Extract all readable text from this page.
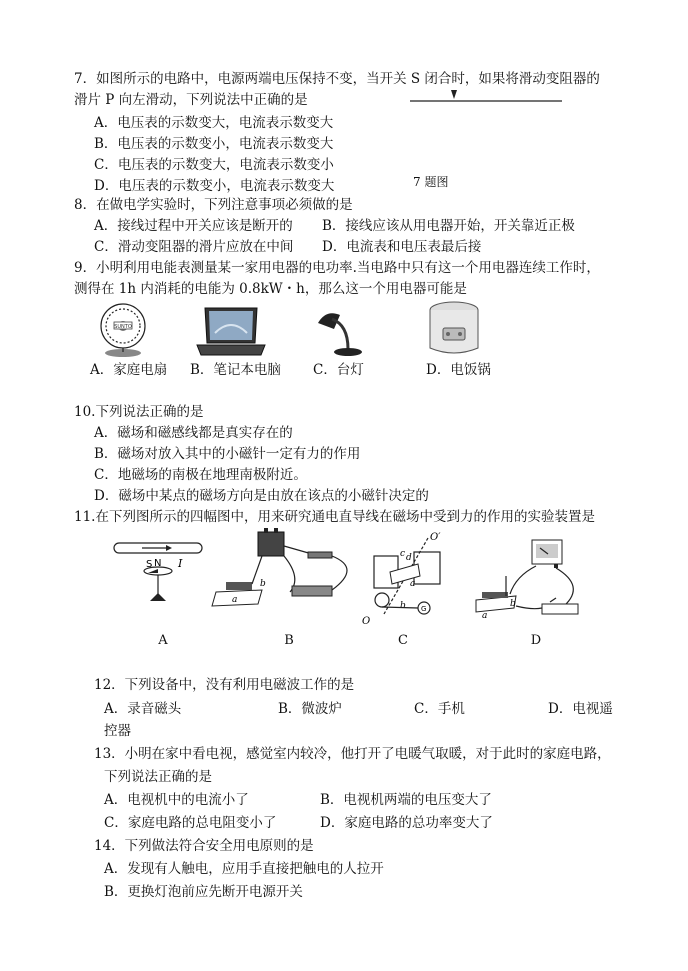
7．如图所示的电路中，电源两端电压保持不变，当开关 S 闭合时，如果将滑动变阻器的
滑片 P 向左滑动，下列说法中正确的是
A．电压表的示数变大，电流表示数变大
B．电压表的示数变小，电流表示数变大
C．电压表的示数变大，电流表示数变小
D．电压表的示数变小，电流表示数变大	7 题图
8．在做电学实验时，下列注意事项必须做的是
A．接线过程中开关应该是断开的 B．接线应该从用电器开始，开关靠近正极
C．滑动变阻器的滑片应放在中间 D．电流表和电压表最后接
9．小明利用电能表测量某一家用电器的电功率.当电路中只有这一个用电器连续工作时，
测得在 1h 内消耗的电能为 0.8kW・h，那么这一个用电器可能是
SUNTO
A．家庭电扇 B．笔记本电脑 C．台灯	D．电饭锅
10.下列说法正确的是
A．磁场和磁感线都是真实存在的
B．磁场对放入其中的小磁针一定有力的作用
C．地磁场的南极在地理南极附近。
D．磁场中某点的磁场方向是由放在该点的小磁针决定的
11.在下列图所示的四幅图中，用来研究通电直导线在磁场中受到力的作用的实验装置是
N
S I
b
a
O′
c d
a
b G
O
b
a
A	B	C	D
12．下列设备中，没有利用电磁波工作的是
A．录音磁头	B．微波炉	C．手机	D．电视遥
控器
13．小明在家中看电视，感觉室内较冷，他打开了电暖气取暖，对于此时的家庭电路，
下列说法正确的是
A．电视机中的电流小了	B．电视机两端的电压变大了
C．家庭电路的总电阻变小了	D．家庭电路的总功率变大了
14．下列做法符合安全用电原则的是
A．发现有人触电，应用手直接把触电的人拉开
B．更换灯泡前应先断开电源开关
